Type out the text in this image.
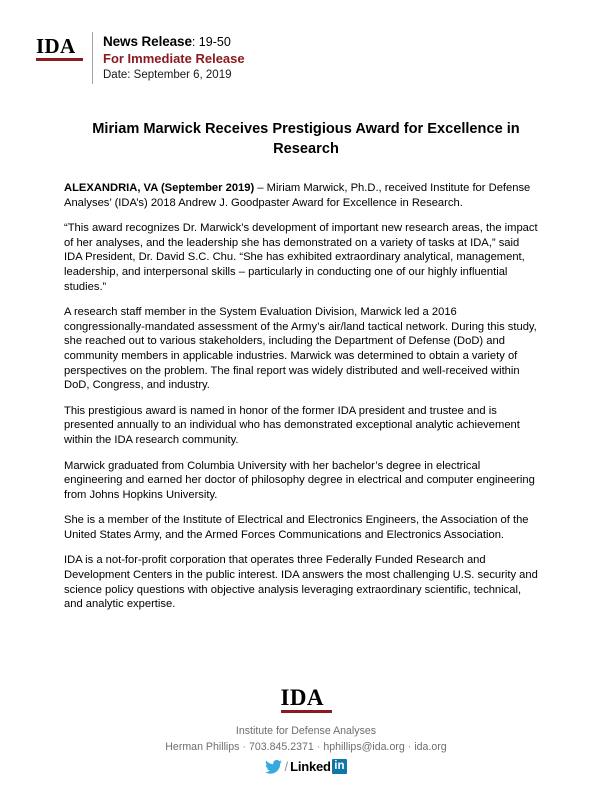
IDA	News Release: 19-50
For Immediate Release
Date: September 6, 2019
Miriam Marwick Receives Prestigious Award for Excellence in Research

ALEXANDRIA, VA (September 2019) – Miriam Marwick, Ph.D., received Institute for Defense Analyses’ (IDA’s) 2018 Andrew J. Goodpaster Award for Excellence in Research.

“This award recognizes Dr. Marwick’s development of important new research areas, the impact of her analyses, and the leadership she has demonstrated on a variety of tasks at IDA,” said IDA President, Dr. David S.C. Chu. “She has exhibited extraordinary analytical, management, leadership, and interpersonal skills – particularly in conducting one of our highly influential studies.”

A research staff member in the System Evaluation Division, Marwick led a 2016 congressionally-mandated assessment of the Army’s air/land tactical network. During this study, she reached out to various stakeholders, including the Department of Defense (DoD) and community members in applicable industries. Marwick was determined to obtain a variety of perspectives on the problem. The final report was widely distributed and well-received within DoD, Congress, and industry.

This prestigious award is named in honor of the former IDA president and trustee and is presented annually to an individual who has demonstrated exceptional analytic achievement within the IDA research community.

Marwick graduated from Columbia University with her bachelor’s degree in electrical engineering and earned her doctor of philosophy degree in electrical and computer engineering from Johns Hopkins University.

She is a member of the Institute of Electrical and Electronics Engineers, the Association of the United States Army, and the Armed Forces Communications and Electronics Association.

IDA is a not-for-profit corporation that operates three Federally Funded Research and Development Centers in the public interest. IDA answers the most challenging U.S. security and science policy questions with objective analysis leveraging extraordinary scientific, technical, and analytic expertise.

IDA
Institute for Defense Analyses
Herman Phillips · 703.845.2371 · hphillips@ida.org · ida.org
/ Linked in
